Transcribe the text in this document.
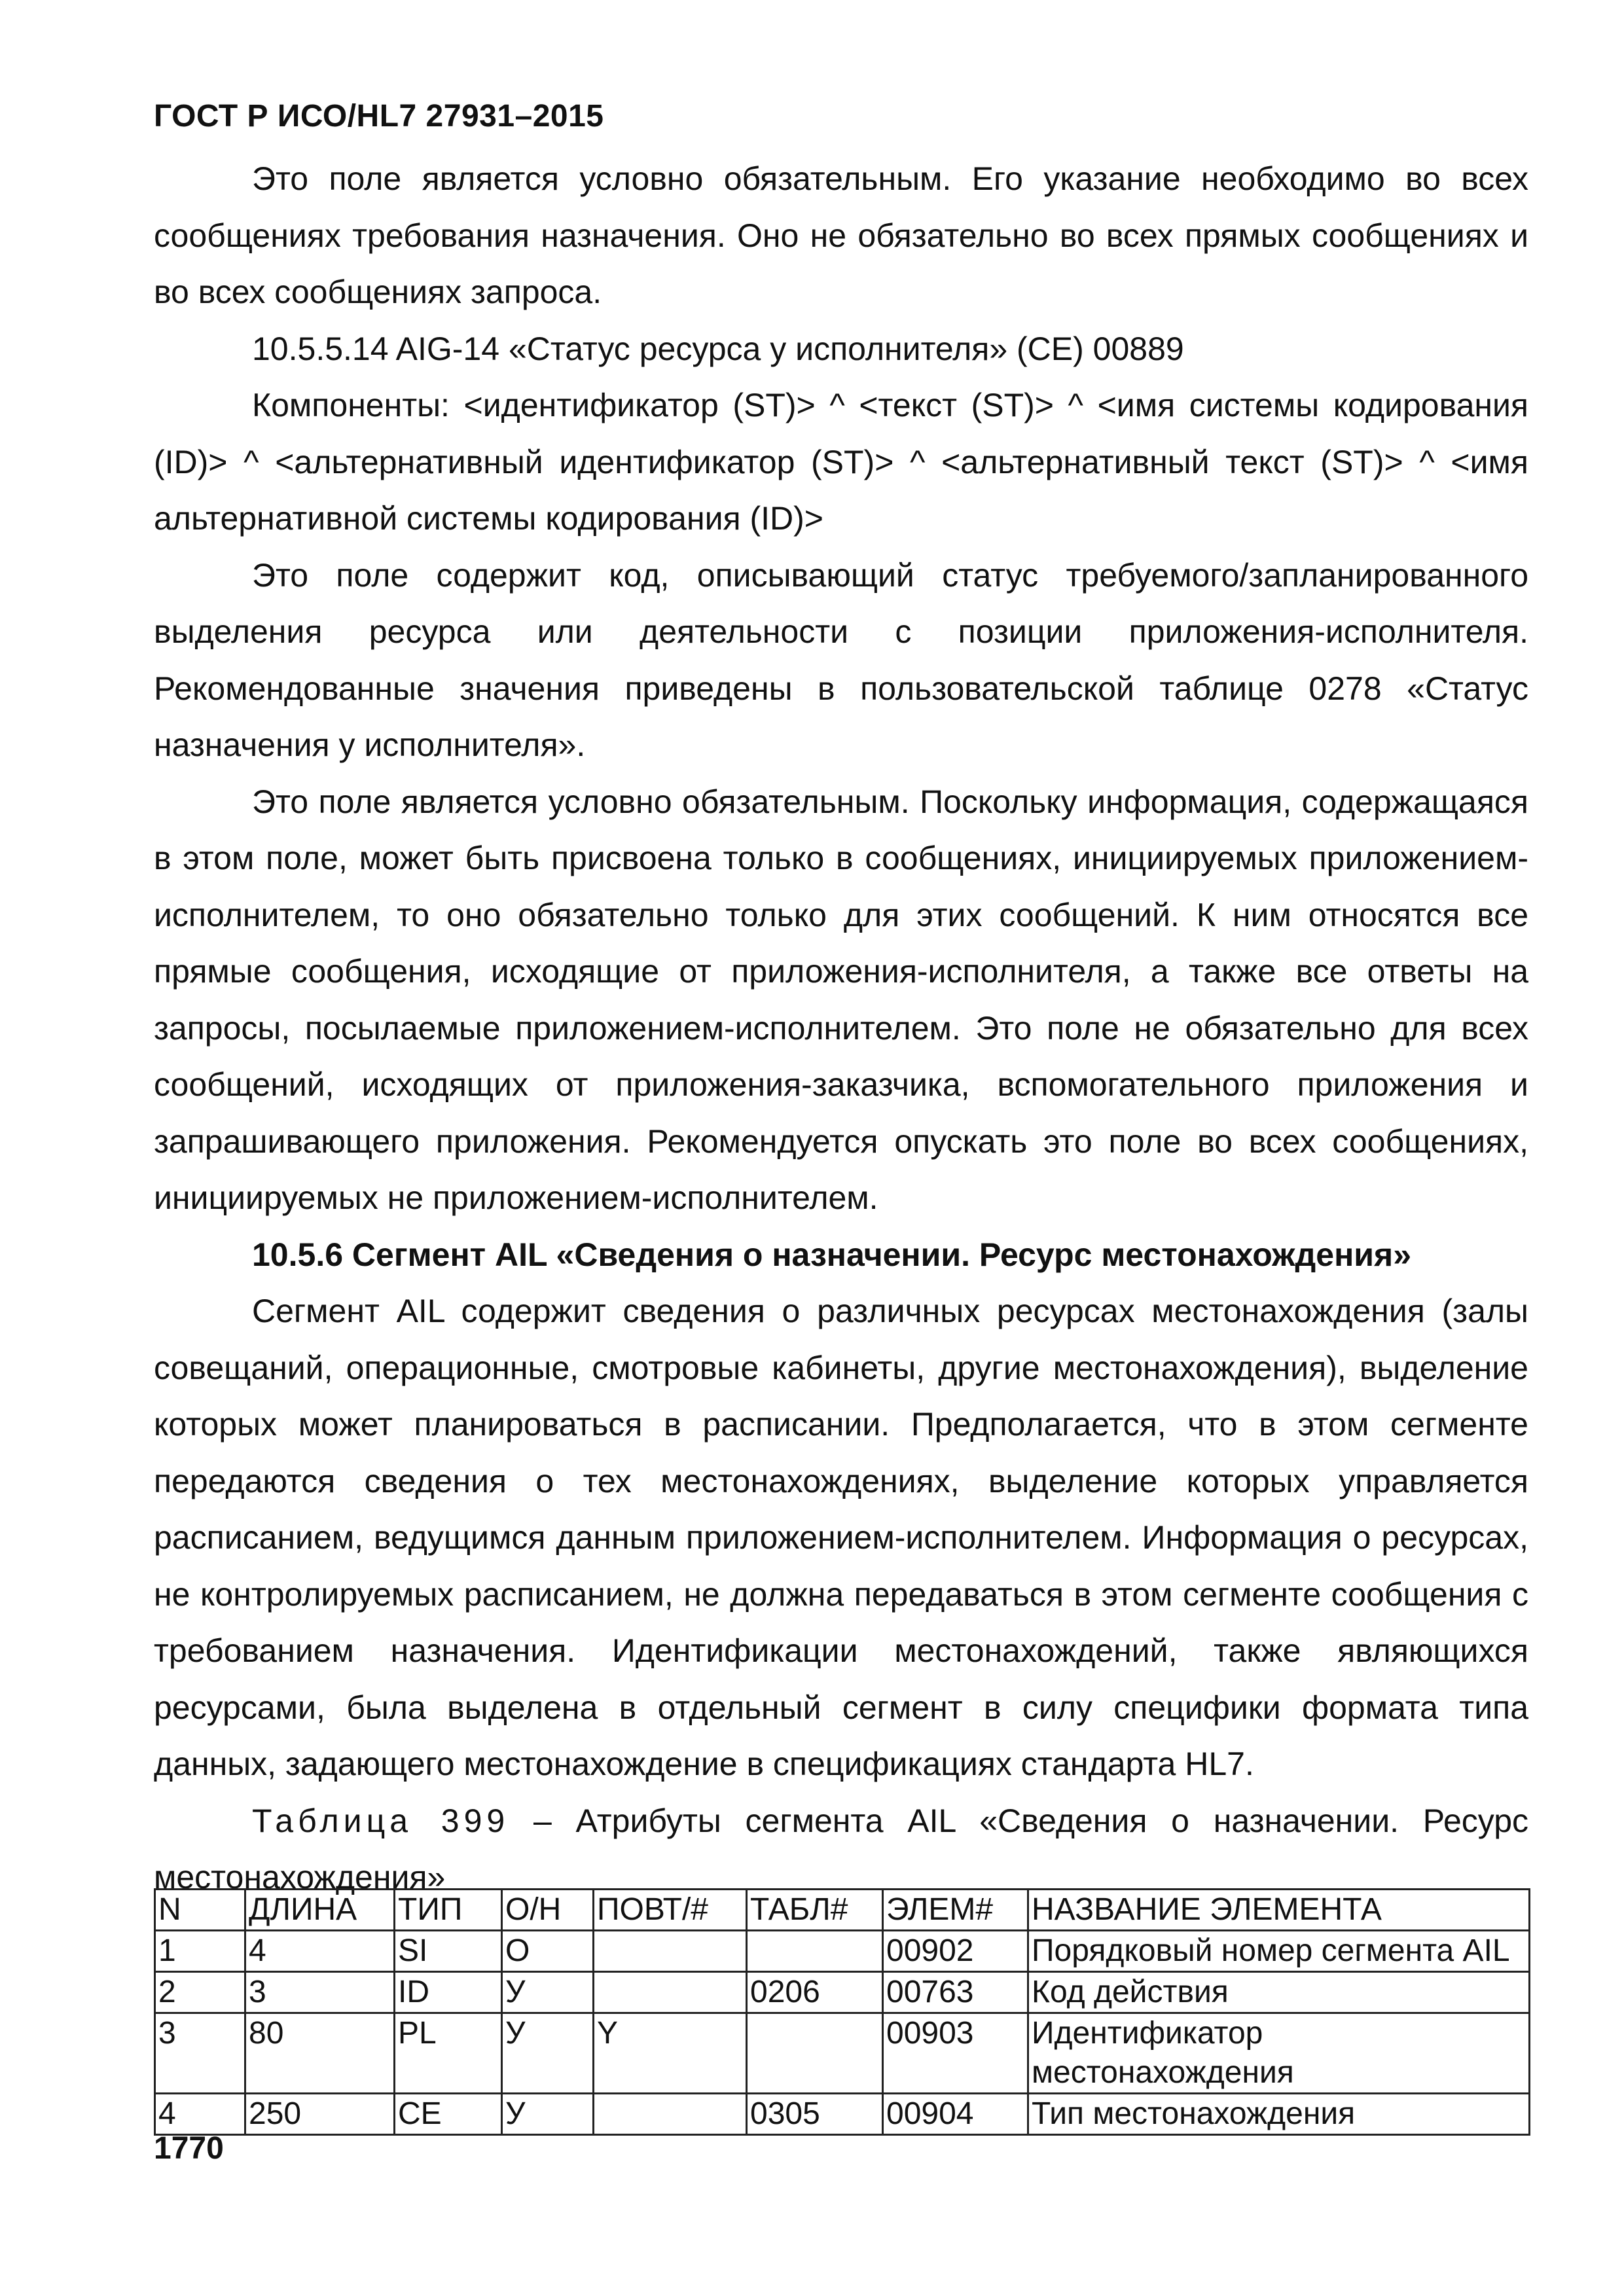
ГОСТ Р ИСО/HL7 27931–2015

Это поле является условно обязательным. Его указание необходимо во всех сообщениях требования назначения. Оно не обязательно во всех прямых сообщениях и во всех сообщениях запроса.

10.5.5.14 AIG-14 «Статус ресурса у исполнителя» (CE) 00889

Компоненты: <идентификатор (ST)> ^ <текст (ST)> ^ <имя системы кодирования (ID)> ^ <альтернативный идентификатор (ST)> ^ <альтернативный текст (ST)> ^ <имя альтернативной системы кодирования (ID)>

Это поле содержит код, описывающий статус требуемого/запланированного выделения ресурса или деятельности с позиции приложения-исполнителя. Рекомендованные значения приведены в пользовательской таблице 0278 «Статус назначения у исполнителя».

Это поле является условно обязательным. Поскольку информация, содержащаяся в этом поле, может быть присвоена только в сообщениях, инициируемых приложением-исполнителем, то оно обязательно только для этих сообщений. К ним относятся все прямые сообщения, исходящие от приложения-исполнителя, а также все ответы на запросы, посылаемые приложением-исполнителем. Это поле не обязательно для всех сообщений, исходящих от приложения-заказчика, вспомогательного приложения и запрашивающего приложения. Рекомендуется опускать это поле во всех сообщениях, инициируемых не приложением-исполнителем.

10.5.6 Сегмент AIL «Сведения о назначении. Ресурс местонахождения»

Сегмент AIL содержит сведения о различных ресурсах местонахождения (залы совещаний, операционные, смотровые кабинеты, другие местонахождения), выделение которых может планироваться в расписании. Предполагается, что в этом сегменте передаются сведения о тех местонахождениях, выделение которых управляется расписанием, ведущимся данным приложением-исполнителем. Информация о ресурсах, не контролируемых расписанием, не должна передаваться в этом сегменте сообщения с требованием назначения. Идентификации местонахождений, также являющихся ресурсами, была выделена в отдельный сегмент в силу специфики формата типа данных, задающего местонахождение в спецификациях стандарта HL7.

Таблица 399 – Атрибуты сегмента AIL «Сведения о назначении. Ресурс местонахождения»

N	ДЛИНА	ТИП	О/Н	ПОВТ/#	ТАБЛ#	ЭЛЕМ#	НАЗВАНИЕ ЭЛЕМЕНТА
1	4	SI	O			00902	Порядковый номер сегмента AIL
2	3	ID	У		0206	00763	Код действия
3	80	PL	У	Y		00903	Идентификатор местонахождения
4	250	CE	У		0305	00904	Тип местонахождения
1770
